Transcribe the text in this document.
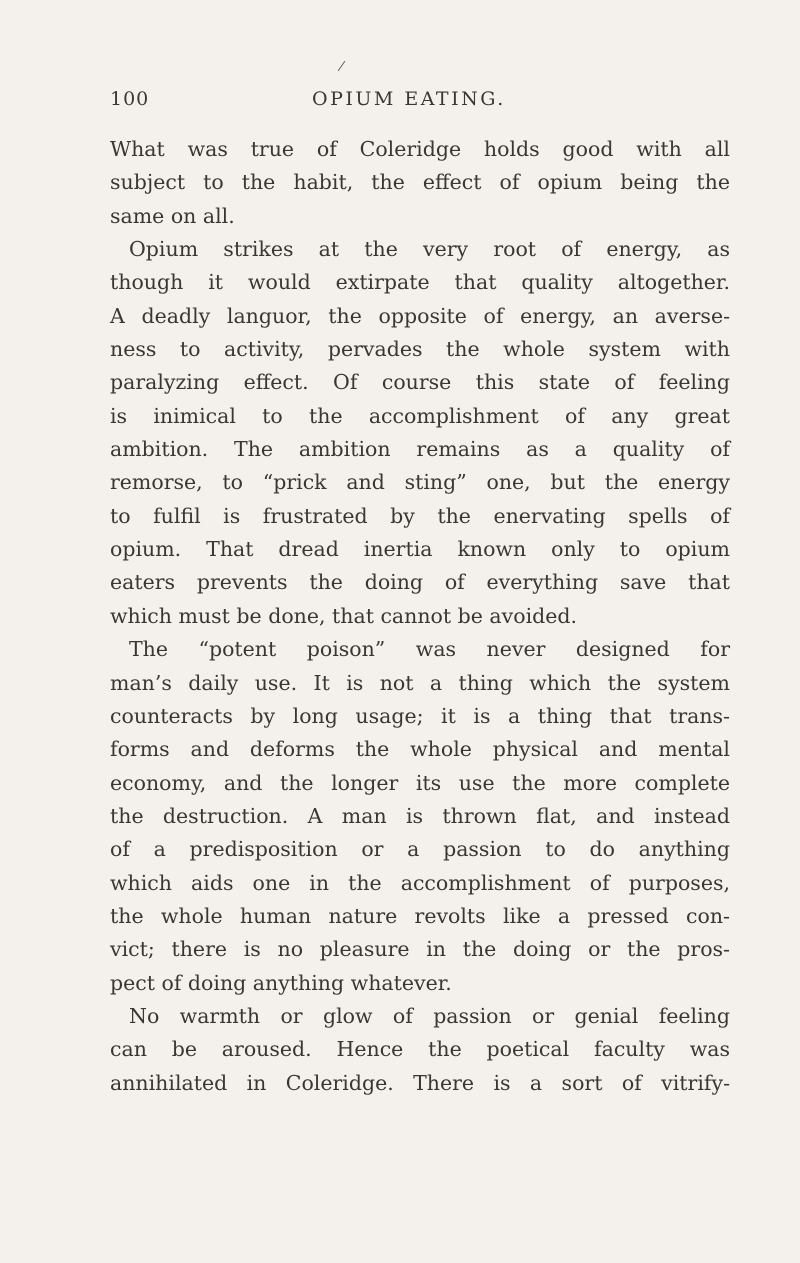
100	OPIUM EATING.
What was true of Coleridge holds good with all
subject to the habit, the effect of opium being the
same on all.
Opium strikes at the very root of energy, as
though it would extirpate that quality altogether.
A deadly languor, the opposite of energy, an averse-
ness to activity, pervades the whole system with
paralyzing effect. Of course this state of feeling
is inimical to the accomplishment of any great
ambition. The ambition remains as a quality of
remorse, to “prick and sting” one, but the energy
to fulfil is frustrated by the enervating spells of
opium. That dread inertia known only to opium
eaters prevents the doing of everything save that
which must be done, that cannot be avoided.
The “potent poison” was never designed for
man’s daily use. It is not a thing which the system
counteracts by long usage; it is a thing that trans-
forms and deforms the whole physical and mental
economy, and the longer its use the more complete
the destruction. A man is thrown flat, and instead
of a predisposition or a passion to do anything
which aids one in the accomplishment of purposes,
the whole human nature revolts like a pressed con-
vict; there is no pleasure in the doing or the pros-
pect of doing anything whatever.
No warmth or glow of passion or genial feeling
can be aroused. Hence the poetical faculty was
annihilated in Coleridge. There is a sort of vitrify-
